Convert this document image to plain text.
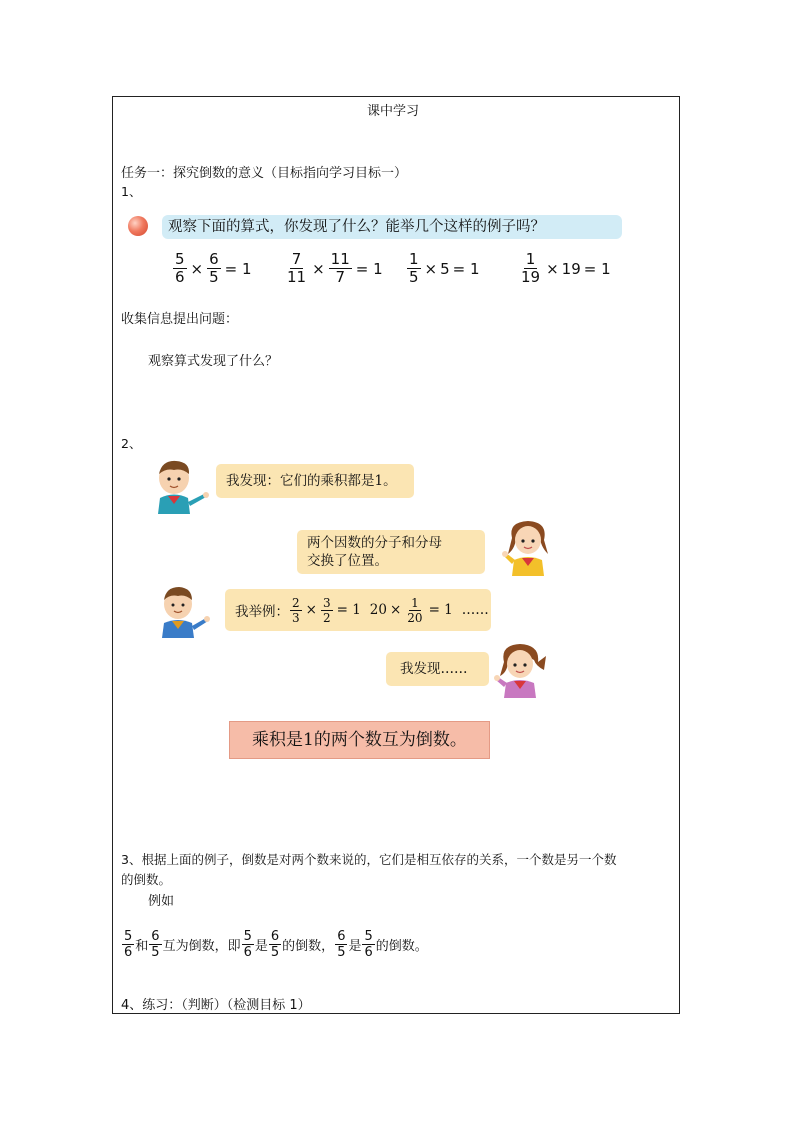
课中学习
任务一：探究倒数的意义（目标指向学习目标一）
1、
观察下面的算式，你发现了什么？能举几个这样的例子吗？
$\frac{5}{6} \times \frac{6}{5} = 1 \frac{7}{11} \times \frac{11}{7} = 1 \frac{1}{5} \times 5 = 1$	$\frac{1}{19} \times 19 = 1$
收集信息提出问题：
观察算式发现了什么？
2、
我发现：它们的乘积都是1。
两个因数的分子和分母
交换了位置。
我举例： $\frac{2}{3} \times \frac{3}{2} = 1$ $20 \times \frac{1}{20} = 1$ ……
我发现……
乘积是1的两个数互为倒数。
3、根据上面的例子，倒数是对两个数来说的，它们是相互依存的关系，一个数是另一个数
的倒数。
例如
$\frac{5}{6}$ 和 $\frac{6}{5}$ 互为倒数，即 $\frac{5}{6}$ 是 $\frac{6}{5}$ 的倒数， $\frac{6}{5}$ 是 $\frac{5}{6}$ 的倒数。
4、练习：（判断）（检测目标 1）
